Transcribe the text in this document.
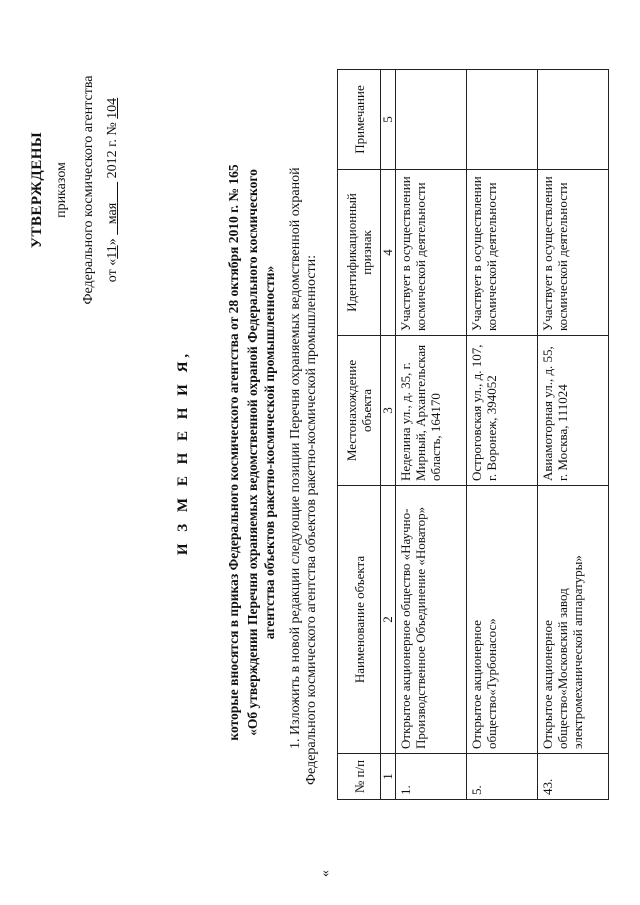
УТВЕРЖДЕНЫ приказом Федерального космического агентства от «11»    мая       2012 г. № 104
И З М Е Н Е Н И Я,	которые вносятся в приказ Федерального космического агентства от 28 октября 2010 г. № 165 «Об утверждении Перечня охраняемых ведомственной охраной Федерального космического агентства объектов ракетно-космической промышленности» 1. Изложить в новой редакции следующие позиции Перечня охраняемых ведомственной охраной Федерального космического агентства объектов ракетно-космической промышленности:
«
№ п/п	Наименование объекта	Местонахождение объекта	Идентификационный признак	Примечание
1	2	3	4	5
1.	Открытое акционерное общество «Научно-Производственное Объединение «Новатор»	Неделина ул., д. 35, г. Мирный, Архангельская область, 164170	Участвует в осуществлении космической деятельности	
5.	Открытое акционерное общество«Турбонасос»	Остроговская ул., д. 107, г. Воронеж, 394052	Участвует в осуществлении космической деятельности	
43.	Открытое акционерное общество«Московский завод электромеханической аппаратуры»	Авиамоторная ул., д. 55, г. Москва, 111024	Участвует в осуществлении космической деятельности	
